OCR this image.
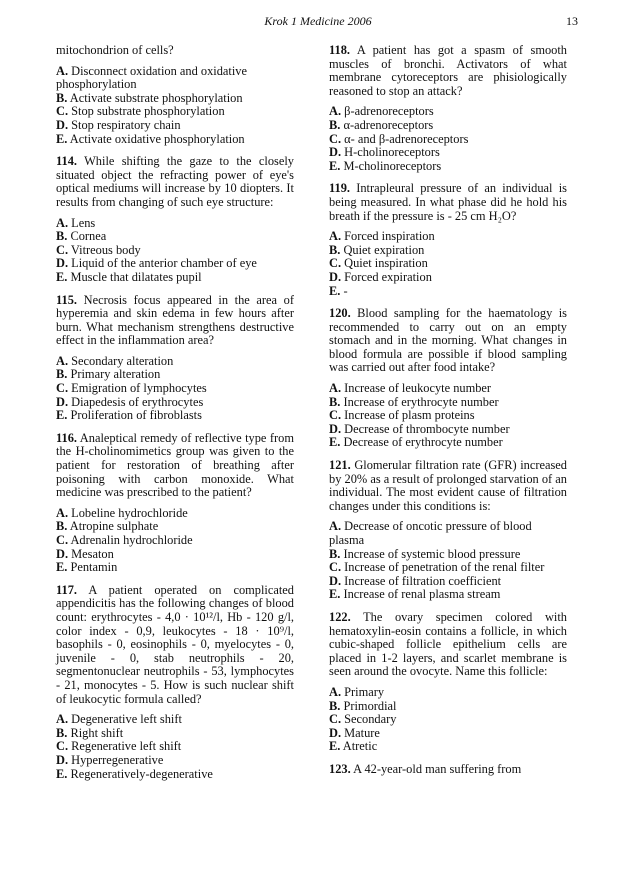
Krok 1 Medicine 2006	13
mitochondrion of cells?
A. Disconnect oxidation and oxidative phosphorylation
B. Activate substrate phosphorylation
C. Stop substrate phosphorylation
D. Stop respiratory chain
E. Activate oxidative phosphorylation
114. While shifting the gaze to the closely situated object the refracting power of eye's optical mediums will increase by 10 diopters. It results from changing of such eye structure:
A. Lens
B. Cornea
C. Vitreous body
D. Liquid of the anterior chamber of eye
E. Muscle that dilatates pupil
115. Necrosis focus appeared in the area of hyperemia and skin edema in few hours after burn. What mechanism strengthens destructive effect in the inflammation area?
A. Secondary alteration
B. Primary alteration
C. Emigration of lymphocytes
D. Diapedesis of erythrocytes
E. Proliferation of fibroblasts
116. Analeptical remedy of reflective type from the H-cholinomimetics group was given to the patient for restoration of breathing after poisoning with carbon monoxide. What medicine was prescribed to the patient?
A. Lobeline hydrochloride
B. Atropine sulphate
C. Adrenalin hydrochloride
D. Mesaton
E. Pentamin
117. A patient operated on complicated appendicitis has the following changes of blood count: erythrocytes - 4,0 · 10¹²/l, Hb - 120 g/l, color index - 0,9, leukocytes - 18 · 10⁹/l, basophils - 0, eosinophils - 0, myelocytes - 0, juvenile - 0, stab neutrophils - 20, segmentonuclear neutrophils - 53, lymphocytes - 21, monocytes - 5. How is such nuclear shift of leukocytic formula called?
A. Degenerative left shift
B. Right shift
C. Regenerative left shift
D. Hyperregenerative
E. Regeneratively-degenerative
118. A patient has got a spasm of smooth muscles of bronchi. Activators of what membrane cytoreceptors are phisiologically reasoned to stop an attack?
A. β-adrenoreceptors
B. α-adrenoreceptors
C. α- and β-adrenoreceptors
D. H-cholinoreceptors
E. M-cholinoreceptors
119. Intrapleural pressure of an individual is being measured. In what phase did he hold his breath if the pressure is - 25 cm H₂O?
A. Forced inspiration
B. Quiet expiration
C. Quiet inspiration
D. Forced expiration
E. -
120. Blood sampling for the haematology is recommended to carry out on an empty stomach and in the morning. What changes in blood formula are possible if blood sampling was carried out after food intake?
A. Increase of leukocyte number
B. Increase of erythrocyte number
C. Increase of plasm proteins
D. Decrease of thrombocyte number
E. Decrease of erythrocyte number
121. Glomerular filtration rate (GFR) increased by 20% as a result of prolonged starvation of an individual. The most evident cause of filtration changes under this conditions is:
A. Decrease of oncotic pressure of blood plasma
B. Increase of systemic blood pressure
C. Increase of penetration of the renal filter
D. Increase of filtration coefficient
E. Increase of renal plasma stream
122. The ovary specimen colored with hematoxylin-eosin contains a follicle, in which cubic-shaped follicle epithelium cells are placed in 1-2 layers, and scarlet membrane is seen around the ovocyte. Name this follicle:
A. Primary
B. Primordial
C. Secondary
D. Mature
E. Atretic
123. A 42-year-old man suffering from
